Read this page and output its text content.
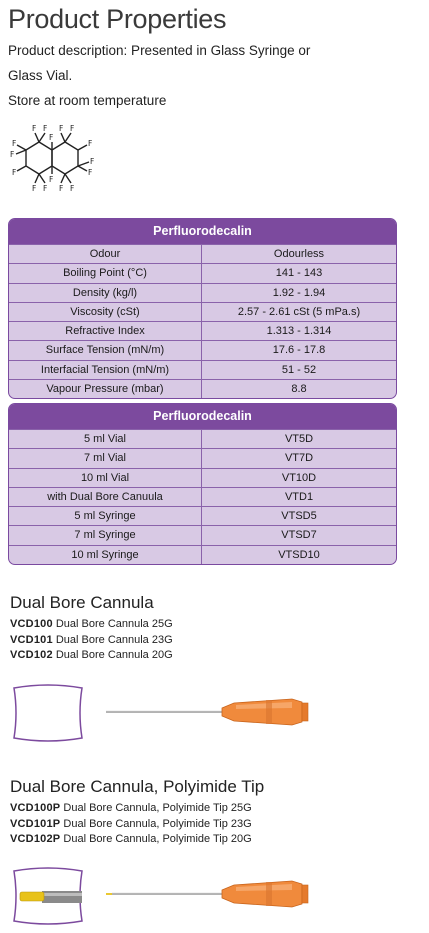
Product Properties
Product description: Presented in Glass Syringe or
Glass Vial.
Store at room temperature
F F
F
F F
F
F
F
F
F
F
F
F F F F
Perfluorodecalin
Odour	Odourless
Boiling Point (°C)	141 - 143
Density (kg/l)	1.92 - 1.94
Viscosity (cSt)	2.57 - 2.61 cSt (5 mPa.s)
Refractive Index	1.313 - 1.314
Surface Tension (mN/m)	17.6 - 17.8
Interfacial Tension (mN/m)	51 - 52
Vapour Pressure (mbar)	8.8
Perfluorodecalin
5 ml Vial	VT5D
7 ml Vial	VT7D
10 ml Vial	VT10D
with Dual Bore Canuula	VTD1
5 ml Syringe	VTSD5
7 ml Syringe	VTSD7
10 ml Syringe	VTSD10
Dual Bore Cannula
VCD100 Dual Bore Cannula 25G
VCD101 Dual Bore Cannula 23G
VCD102 Dual Bore Cannula 20G
Dual Bore Cannula, Polyimide Tip
VCD100P Dual Bore Cannula, Polyimide Tip 25G
VCD101P Dual Bore Cannula, Polyimide Tip 23G
VCD102P Dual Bore Cannula, Polyimide Tip 20G
